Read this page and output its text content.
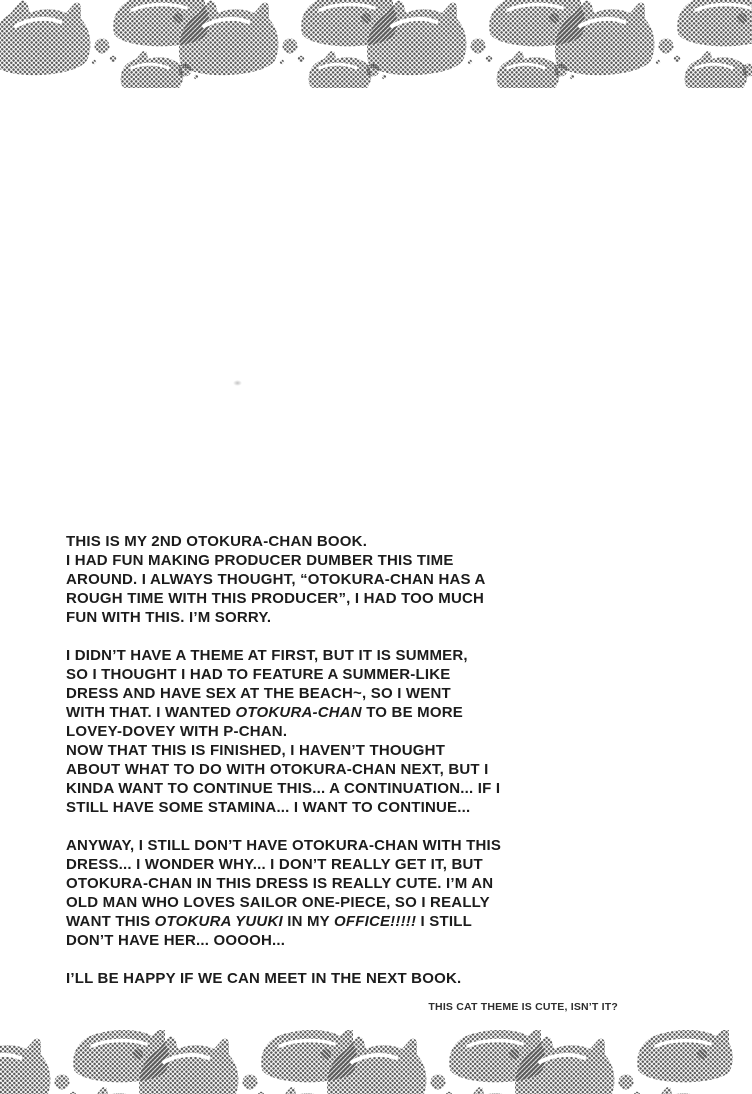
THIS IS MY 2ND OTOKURA-CHAN BOOK.
I HAD FUN MAKING PRODUCER DUMBER THIS TIME
AROUND. I ALWAYS THOUGHT, “OTOKURA-CHAN HAS A
ROUGH TIME WITH THIS PRODUCER”, I HAD TOO MUCH
FUN WITH THIS. I’M SORRY.

I DIDN’T HAVE A THEME AT FIRST, BUT IT IS SUMMER,
SO I THOUGHT I HAD TO FEATURE A SUMMER-LIKE
DRESS AND HAVE SEX AT THE BEACH~, SO I WENT
WITH THAT. I WANTED OTOKURA-CHAN TO BE MORE
LOVEY-DOVEY WITH P-CHAN.
NOW THAT THIS IS FINISHED, I HAVEN’T THOUGHT
ABOUT WHAT TO DO WITH OTOKURA-CHAN NEXT, BUT I
KINDA WANT TO CONTINUE THIS... A CONTINUATION... IF I
STILL HAVE SOME STAMINA... I WANT TO CONTINUE...

ANYWAY, I STILL DON’T HAVE OTOKURA-CHAN WITH THIS
DRESS... I WONDER WHY... I DON’T REALLY GET IT, BUT
OTOKURA-CHAN IN THIS DRESS IS REALLY CUTE. I’M AN
OLD MAN WHO LOVES SAILOR ONE-PIECE, SO I REALLY
WANT THIS OTOKURA YUUKI IN MY OFFICE!!!!! I STILL
DON’T HAVE HER... OOOOH...

I’LL BE HAPPY IF WE CAN MEET IN THE NEXT BOOK.

THIS CAT THEME IS CUTE, ISN’T IT?
